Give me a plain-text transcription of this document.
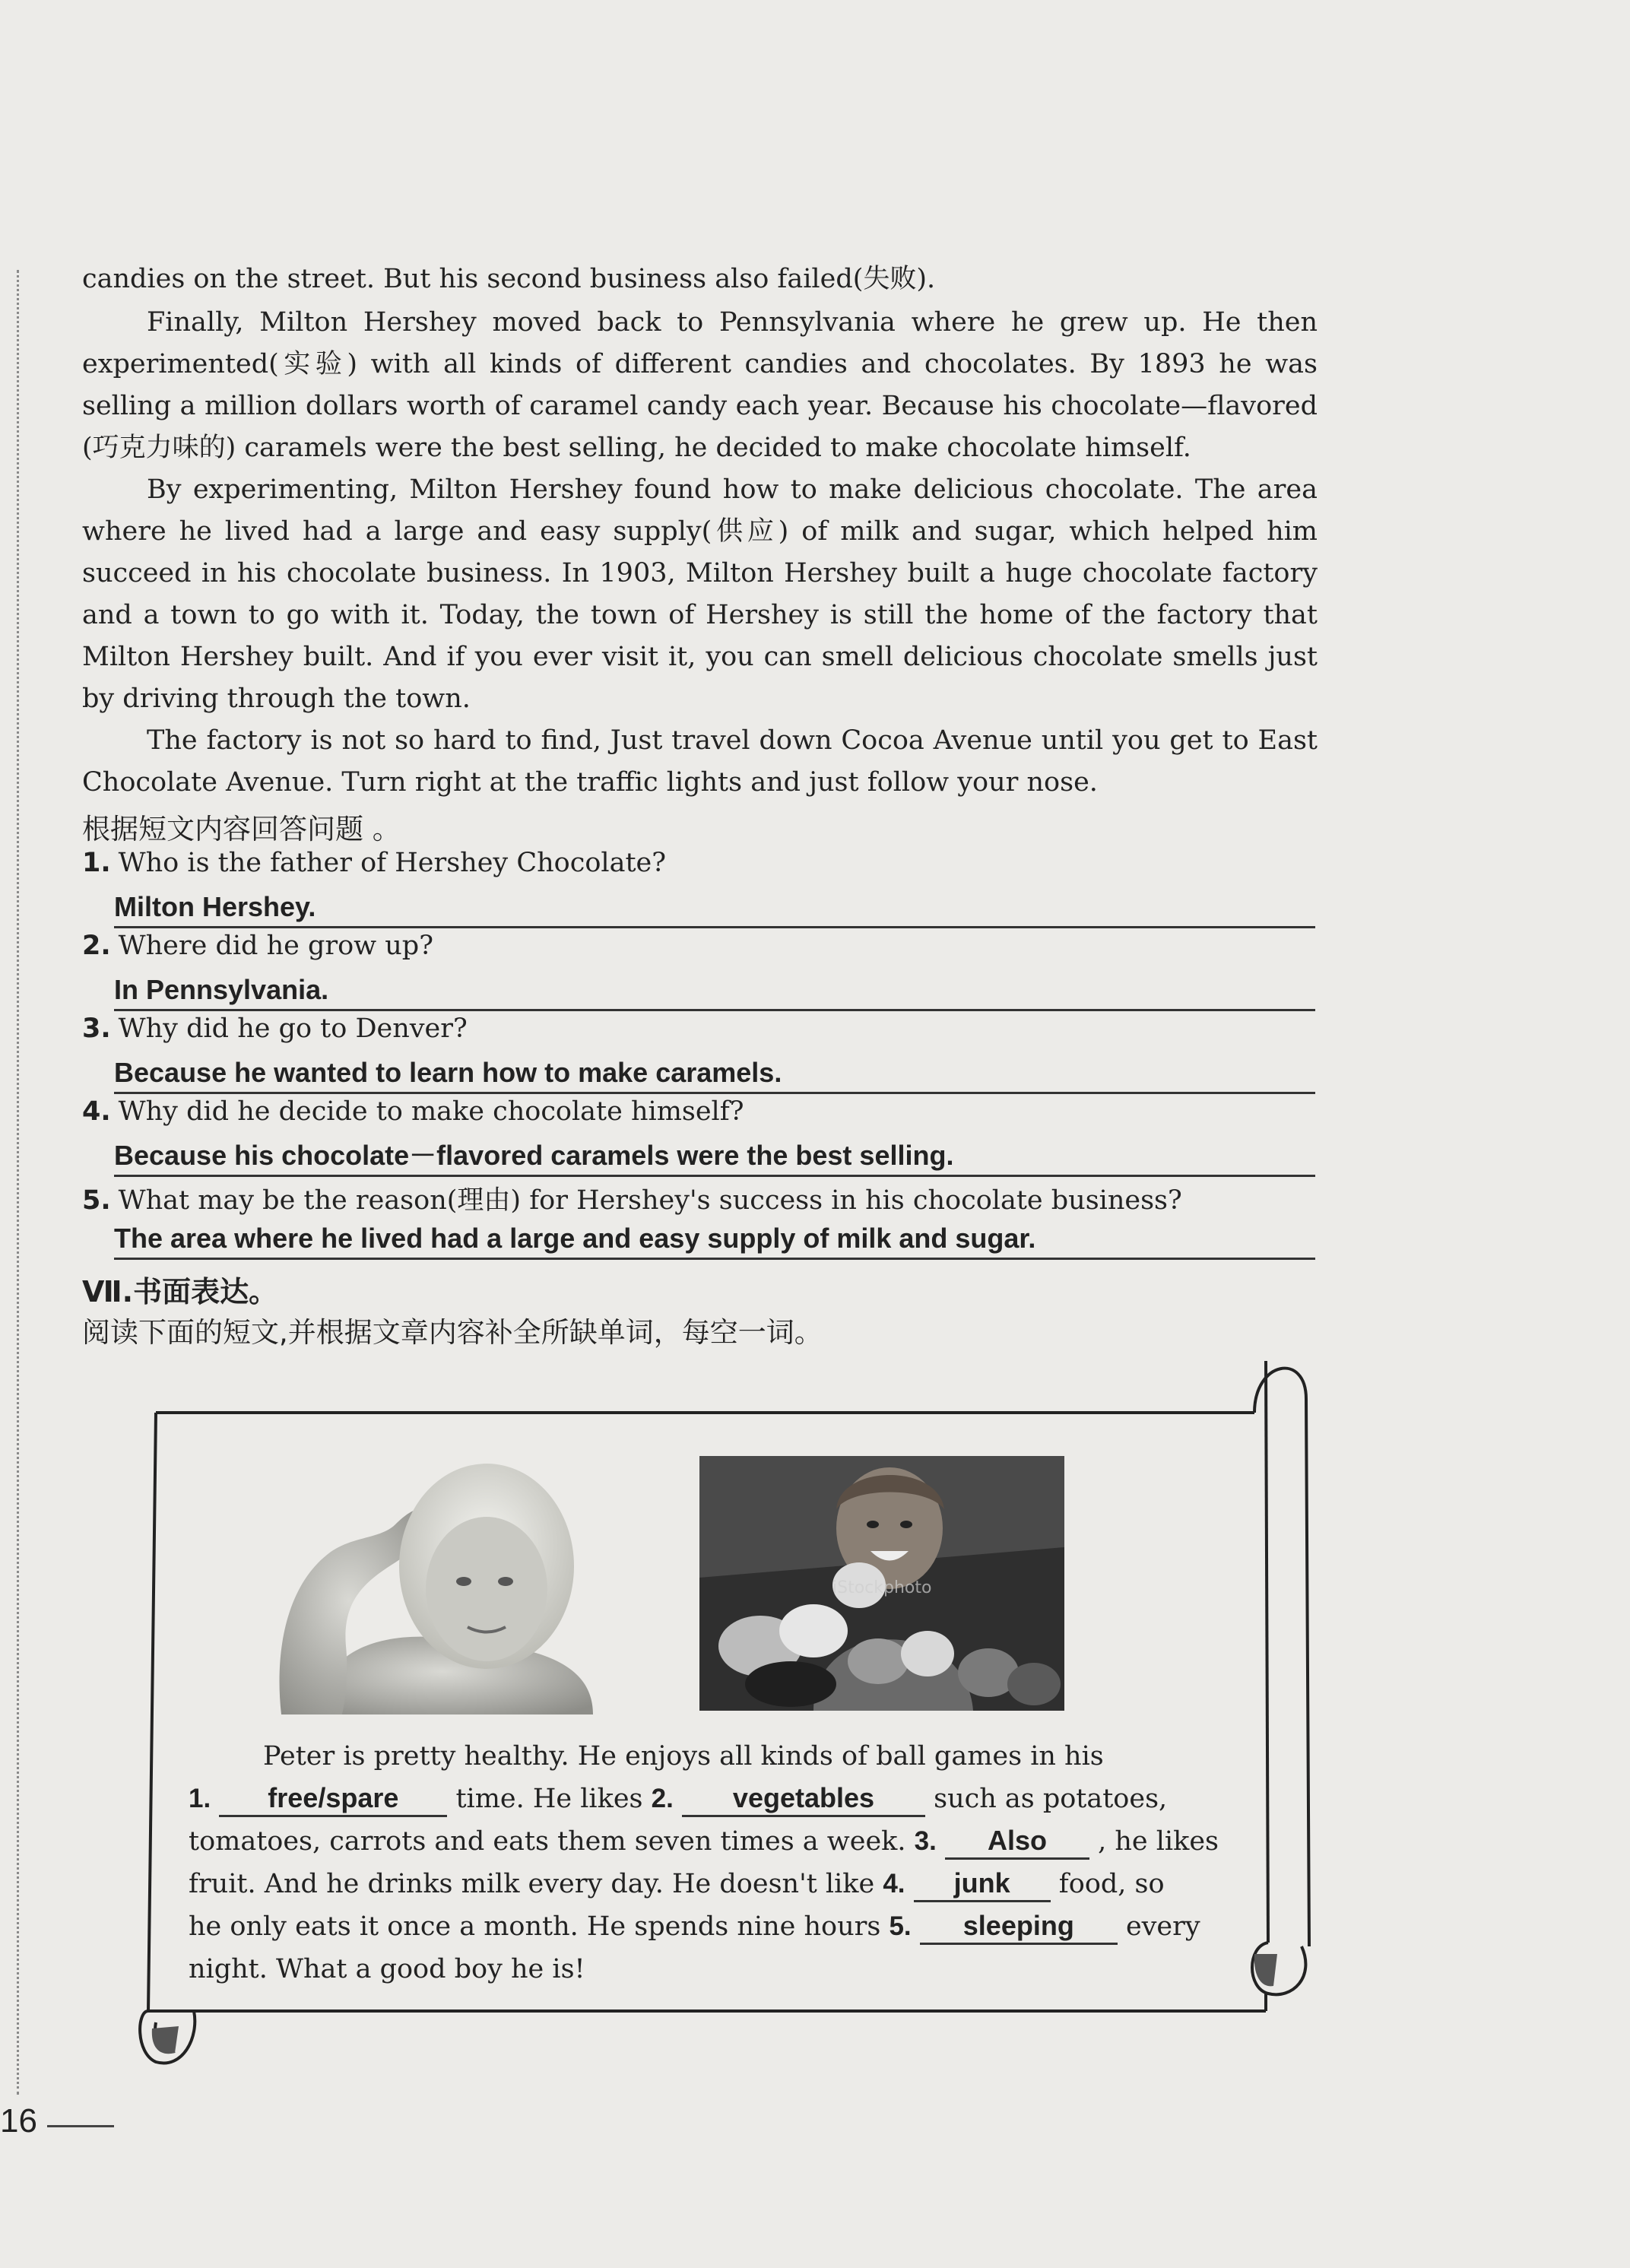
candies on the street. But his second business also failed(失败).

Finally, Milton Hershey moved back to Pennsylvania where he grew up. He then experimented(实验) with all kinds of different candies and chocolates. By 1893 he was selling a million dollars worth of caramel candy each year. Because his chocolate—flavored (巧克力味的) caramels were the best selling, he decided to make chocolate himself.

By experimenting, Milton Hershey found how to make delicious chocolate. The area where he lived had a large and easy supply(供应) of milk and sugar, which helped him succeed in his chocolate business. In 1903, Milton Hershey built a huge chocolate factory and a town to go with it. Today, the town of Hershey is still the home of the factory that Milton Hershey built. And if you ever visit it, you can smell delicious chocolate smells just by driving through the town.

The factory is not so hard to find, Just travel down Cocoa Avenue until you get to East Chocolate Avenue. Turn right at the traffic lights and just follow your nose.

根据短文内容回答问题 。
1. Who is the father of Hershey Chocolate?
Milton Hershey.
2. Where did he grow up?
In Pennsylvania.
3. Why did he go to Denver?
Because he wanted to learn how to make caramels.
4. Why did he decide to make chocolate himself?
Because his chocolate－flavored caramels were the best selling.
5. What may be the reason(理由) for Hershey's success in his chocolate business?
The area where he lived had a large and easy supply of milk and sugar.
Ⅶ.书面表达。
阅读下面的短文,并根据文章内容补全所缺单词，每空一词。
iStockphoto
Peter is pretty healthy. He enjoys all kinds of ball games in his
1. free/spare time. He likes 2. vegetables such as potatoes,
tomatoes, carrots and eats them seven times a week. 3. Also , he likes
fruit. And he drinks milk every day. He doesn't like 4. junk food, so
he only eats it once a month. He spends nine hours 5. sleeping every
night. What a good boy he is!
16
